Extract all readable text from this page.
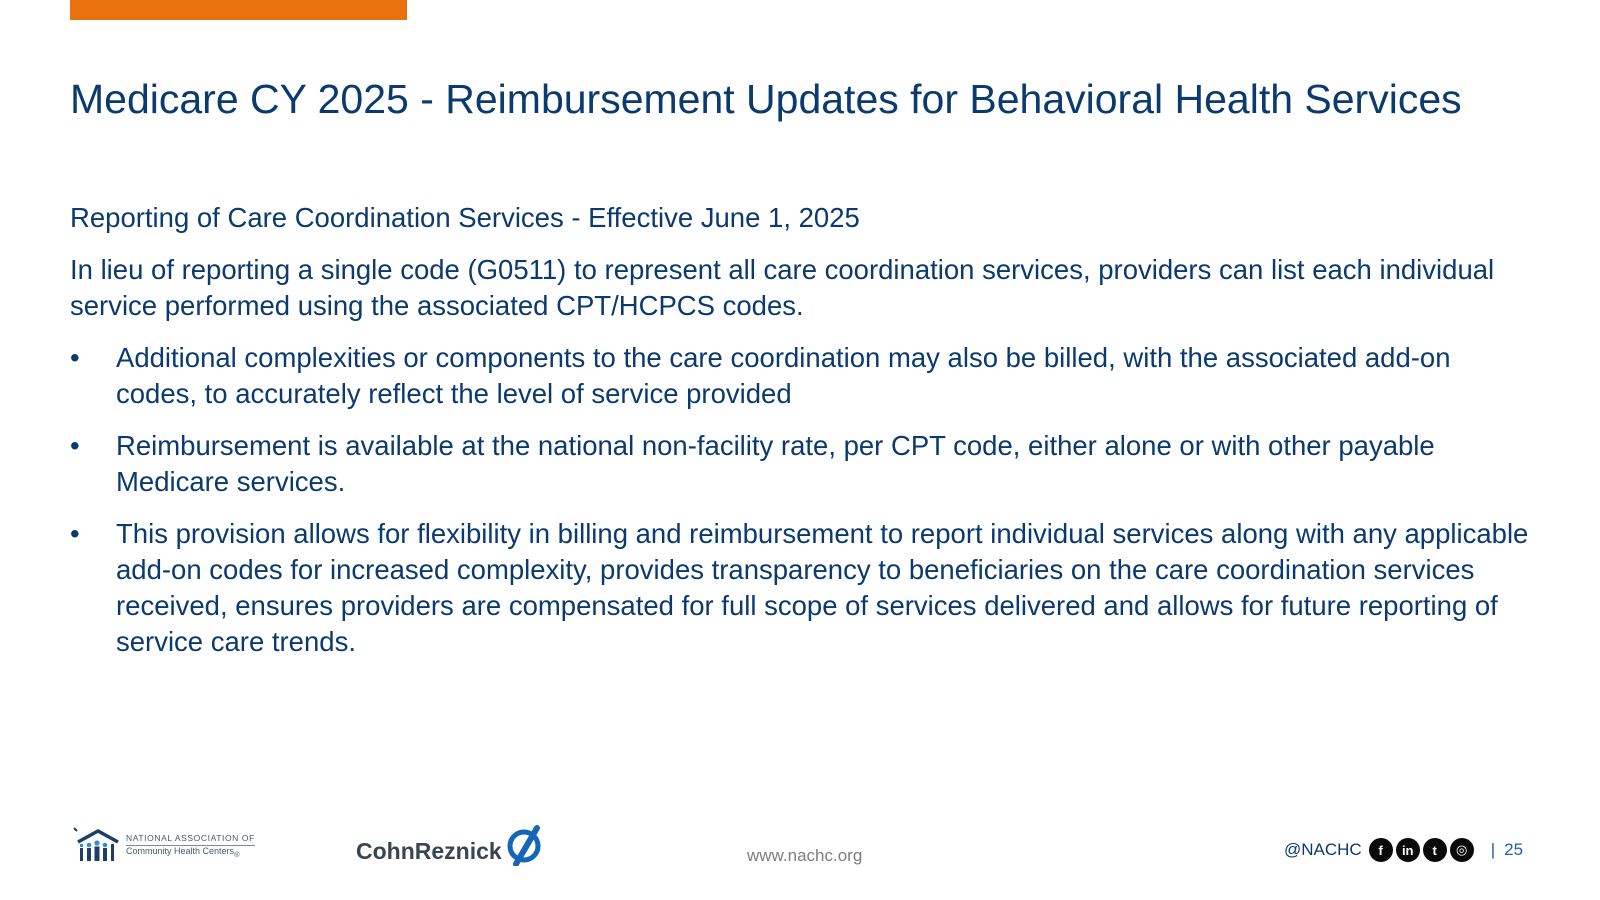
Medicare CY 2025 - Reimbursement Updates for Behavioral Health Services

Reporting of Care Coordination Services - Effective June 1, 2025

In lieu of reporting a single code (G0511) to represent all care coordination services, providers can list each individual service performed using the associated CPT/HCPCS codes.

• Additional complexities or components to the care coordination may also be billed, with the associated add-on codes, to accurately reflect the level of service provided
• Reimbursement is available at the national non-facility rate, per CPT code, either alone or with other payable Medicare services.
• This provision allows for flexibility in billing and reimbursement to report individual services along with any applicable add-on codes for increased complexity, provides transparency to beneficiaries on the care coordination services received, ensures providers are compensated for full scope of services delivered and allows for future reporting of service care trends.
NATIONAL ASSOCIATION OF
Community Health Centers$_®$	CohnReznick	www.nachc.org	@NACHC	f	in	t	◎	| 25
